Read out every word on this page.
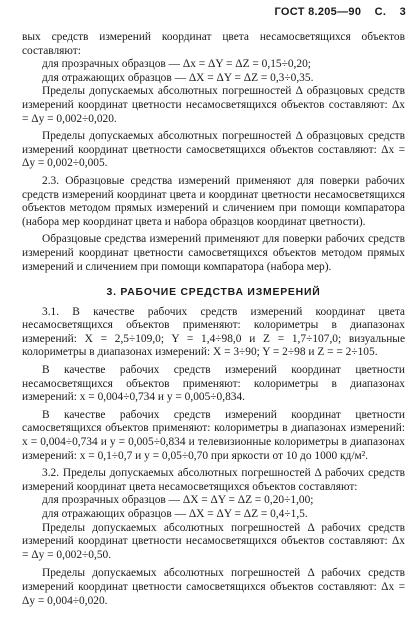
ГОСТ 8.205—90 С. 3

вых средств измерений координат цвета несамосветящихся объектов составляют:

для прозрачных образцов — Δx = ΔY = ΔZ = 0,15÷0,20;

для отражающих образцов — ΔX = ΔY = ΔZ = 0,3÷0,35.

Пределы допускаемых абсолютных погрешностей Δ образцовых средств измерений координат цветности несамосветящихся объектов составляют: Δx = Δy = 0,002÷0,020.

Пределы допускаемых абсолютных погрешностей Δ образцовых средств измерений координат цветности самосветящихся объектов составляют: Δx = Δy = 0,002÷0,005.

2.3. Образцовые средства измерений применяют для поверки рабочих средств измерений координат цвета и координат цветности несамосветящихся объектов методом прямых измерений и сличением при помощи компаратора (набора мер координат цвета и набора образцов координат цветности).

Образцовые средства измерений применяют для поверки рабочих средств измерений координат цветности самосветящихся объектов методом прямых измерений и сличением при помощи компаратора (набора мер).

3. РАБОЧИЕ СРЕДСТВА ИЗМЕРЕНИЙ

3.1. В качестве рабочих средств измерений координат цвета несамосветящихся объектов применяют: колориметры в диапазонах измерений: X = 2,5÷109,0; Y = 1,4÷98,0 и Z = 1,7÷107,0; визуальные колориметры в диапазонах измерений: X = 3÷90; Y = 2÷98 и Z = = 2÷105.

В качестве рабочих средств измерений координат цветности несамосветящихся объектов применяют: колориметры в диапазонах измерений: x = 0,004÷0,734 и y = 0,005÷0,834.

В качестве рабочих средств измерений координат цветности самосветящихся объектов применяют: колориметры в диапазонах измерений: x = 0,004÷0,734 и y = 0,005÷0,834 и телевизионные колориметры в диапазонах измерений: x = 0,1÷0,7 и y = 0,05÷0,70 при яркости от 10 до 1000 кд/м².

3.2. Пределы допускаемых абсолютных погрешностей Δ рабочих средств измерений координат цвета несамосветящихся объектов составляют:

для прозрачных образцов — ΔX = ΔY = ΔZ = 0,20÷1,00;

для отражающих образцов — ΔX = ΔY = ΔZ = 0,4÷1,5.

Пределы допускаемых абсолютных погрешностей Δ рабочих средств измерений координат цветности несамосветящихся объектов составляют: Δx = Δy = 0,002÷0,50.

Пределы допускаемых абсолютных погрешностей Δ рабочих средств измерений координат цветности самосветящихся объектов составляют: Δx = Δy = 0,004÷0,020.
